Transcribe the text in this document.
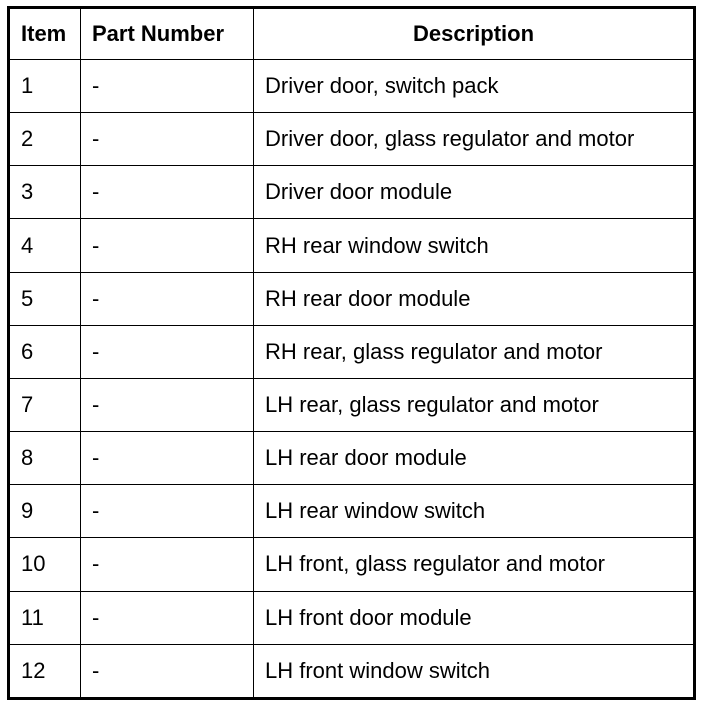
Item	Part Number	Description
1	-	Driver door, switch pack
2	-	Driver door, glass regulator and motor
3	-	Driver door module
4	-	RH rear window switch
5	-	RH rear door module
6	-	RH rear, glass regulator and motor
7	-	LH rear, glass regulator and motor
8	-	LH rear door module
9	-	LH rear window switch
10	-	LH front, glass regulator and motor
11	-	LH front door module
12	-	LH front window switch
